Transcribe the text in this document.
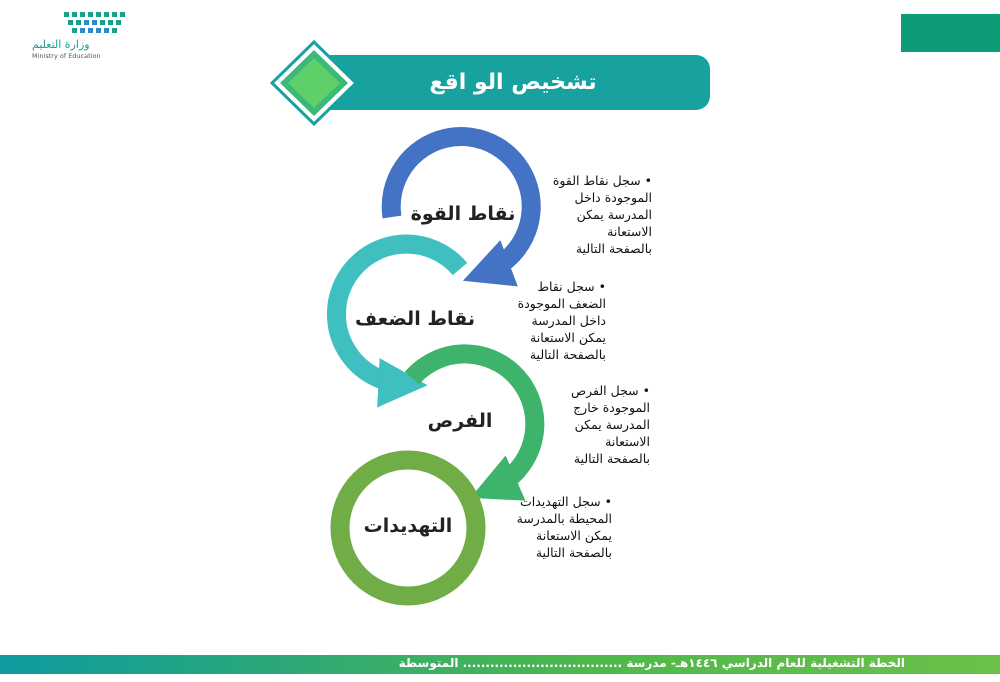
وزارة التعليم
Ministry of Education
تشخيص الو اقع
نقاط القوة
نقاط الضعف
الفرص
التهديدات
•سجل نقاط القوة
الموجودة داخل
المدرسة يمكن
الاستعانة
بالصفحة التالية
•سجل نقاط
الضعف الموجودة
داخل المدرسة
يمكن الاستعانة
بالصفحة التالية
•سجل الفرص
الموجودة خارج
المدرسة يمكن
الاستعانة
بالصفحة التالية
•سجل التهديدات
المحيطة بالمدرسة
يمكن الاستعانة
بالصفحة التالية
الخطة التشغيلية للعام الدراسي ١٤٤٦هـ- مدرسة ................................... المتوسطة
